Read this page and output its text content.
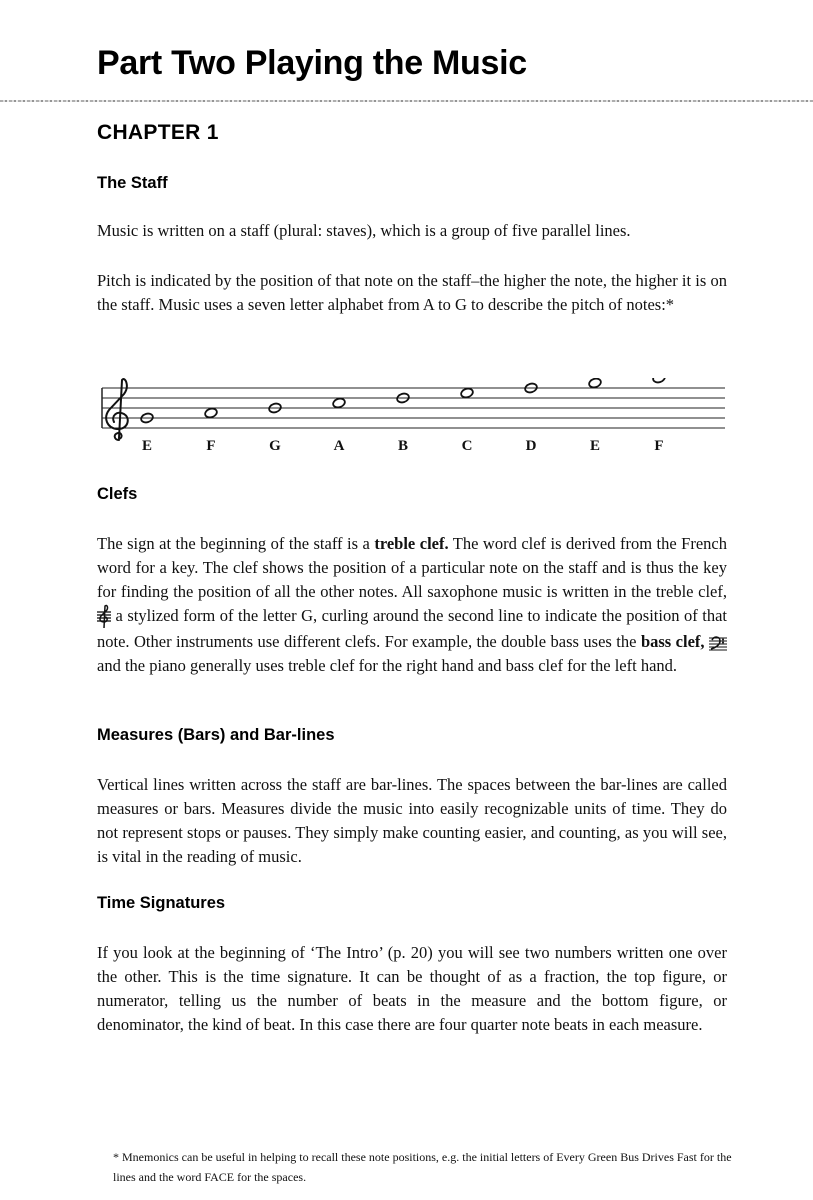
Part Two Playing the Music
CHAPTER 1
The Staff

Music is written on a staff (plural: staves), which is a group of five parallel lines.

Pitch is indicated by the position of that note on the staff–the higher the note, the higher it is on the staff. Music uses a seven letter alphabet from A to G to describe the pitch of notes:*

E	F	G	A	B	C	D	E	F
Clefs

The sign at the beginning of the staff is a treble clef. The word clef is derived from the French word for a key. The clef shows the position of a particular note on the staff and is thus the key for finding the position of all the other notes. All saxophone music is written in the treble clef, a stylized form of the letter G, curling around the second line to indicate the position of that note. Other instruments use different clefs. For example, the double bass uses the bass clef,  and the piano generally uses treble clef for the right hand and bass clef for the left hand.

Measures (Bars) and Bar-lines

Vertical lines written across the staff are bar-lines. The spaces between the bar-lines are called measures or bars. Measures divide the music into easily recognizable units of time. They do not represent stops or pauses. They simply make counting easier, and counting, as you will see, is vital in the reading of music.

Time Signatures

If you look at the beginning of ‘The Intro’ (p. 20) you will see two numbers written one over the other. This is the time signature. It can be thought of as a fraction, the top figure, or numerator, telling us the number of beats in the measure and the bottom figure, or denominator, the kind of beat. In this case there are four quarter note beats in each measure.

* Mnemonics can be useful in helping to recall these note positions, e.g. the initial letters of Every Green Bus Drives Fast for the lines and the word FACE for the spaces.
